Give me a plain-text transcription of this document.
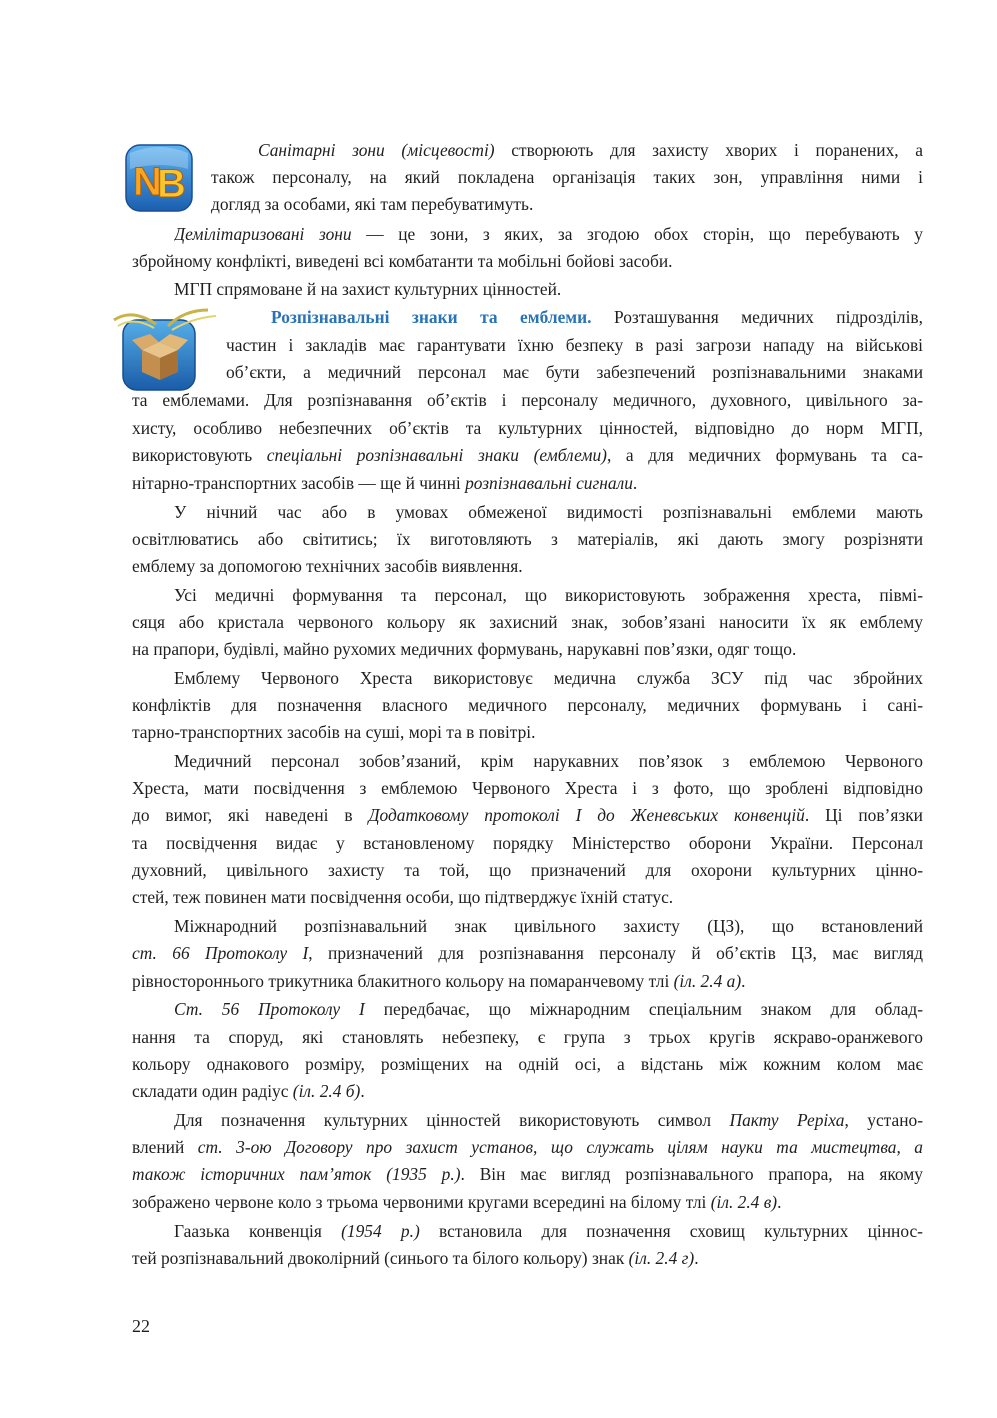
N
B
Санітарні зони (місцевості) створюють для захисту хворих і поранених, а
також персоналу, на який покладена організація таких зон, управління ними і
догляд за особами, які там перебуватимуть.
Демілітаризовані зони — це зони, з яких, за згодою обох сторін, що перебувають у
збройному конфлікті, виведені всі комбатанти та мобільні бойові засоби.
МГП спрямоване й на захист культурних цінностей.
Розпізнавальні знаки та емблеми. Розташування медичних підрозділів,
частин і закладів має гарантувати їхню безпеку в разі загрози нападу на військові
об’єкти, а медичний персонал має бути забезпечений розпізнавальними знаками
та емблемами. Для розпізнавання об’єктів і персоналу медичного, духовного, цивільного за-
хисту, особливо небезпечних об’єктів та культурних цінностей, відповідно до норм МГП,
використовують спеціальні розпізнавальні знаки (емблеми), а для медичних формувань та са-
нітарно-транспортних засобів — ще й чинні розпізнавальні сигнали.
У нічний час або в умовах обмеженої видимості розпізнавальні емблеми мають
освітлюватись або світитись; їх виготовляють з матеріалів, які дають змогу розрізняти
емблему за допомогою технічних засобів виявлення.
Усі медичні формування та персонал, що використовують зображення хреста, півмі-
сяця або кристала червоного кольору як захисний знак, зобов’язані наносити їх як емблему
на прапори, будівлі, майно рухомих медичних формувань, нарукавні пов’язки, одяг тощо.
Емблему Червоного Хреста використовує медична служба ЗСУ під час збройних
конфліктів для позначення власного медичного персоналу, медичних формувань і сані-
тарно-транспортних засобів на суші, морі та в повітрі.
Медичний персонал зобов’язаний, крім нарукавних пов’язок з емблемою Червоного
Хреста, мати посвідчення з емблемою Червоного Хреста і з фото, що зроблені відповідно
до вимог, які наведені в Додатковому протоколі І до Женевських конвенцій. Ці пов’язки
та посвідчення видає у встановленому порядку Міністерство оборони України. Персонал
духовний, цивільного захисту та той, що призначений для охорони культурних цінно-
стей, теж повинен мати посвідчення особи, що підтверджує їхній статус.
Міжнародний розпізнавальний знак цивільного захисту (ЦЗ), що встановлений
ст. 66 Протоколу І, призначений для розпізнавання персоналу й об’єктів ЦЗ, має вигляд
рівностороннього трикутника блакитного кольору на помаранчевому тлі (іл. 2.4 а).
Ст. 56 Протоколу І передбачає, що міжнародним спеціальним знаком для облад-
нання та споруд, які становлять небезпеку, є група з трьох кругів яскраво-оранжевого
кольору однакового розміру, розміщених на одній осі, а відстань між кожним колом має
складати один радіус (іл. 2.4 б).
Для позначення культурних цінностей використовують символ Пакту Реріха, устано-
влений ст. 3-ою Договору про захист установ, що служать цілям науки та мистецтва, а
також історичних пам’яток (1935 р.). Він має вигляд розпізнавального прапора, на якому
зображено червоне коло з трьома червоними кругами всередині на білому тлі (іл. 2.4 в).
Гаазька конвенція (1954 р.) встановила для позначення сховищ культурних ціннос-
тей розпізнавальний двоколірний (синього та білого кольору) знак (іл. 2.4 г).
22
